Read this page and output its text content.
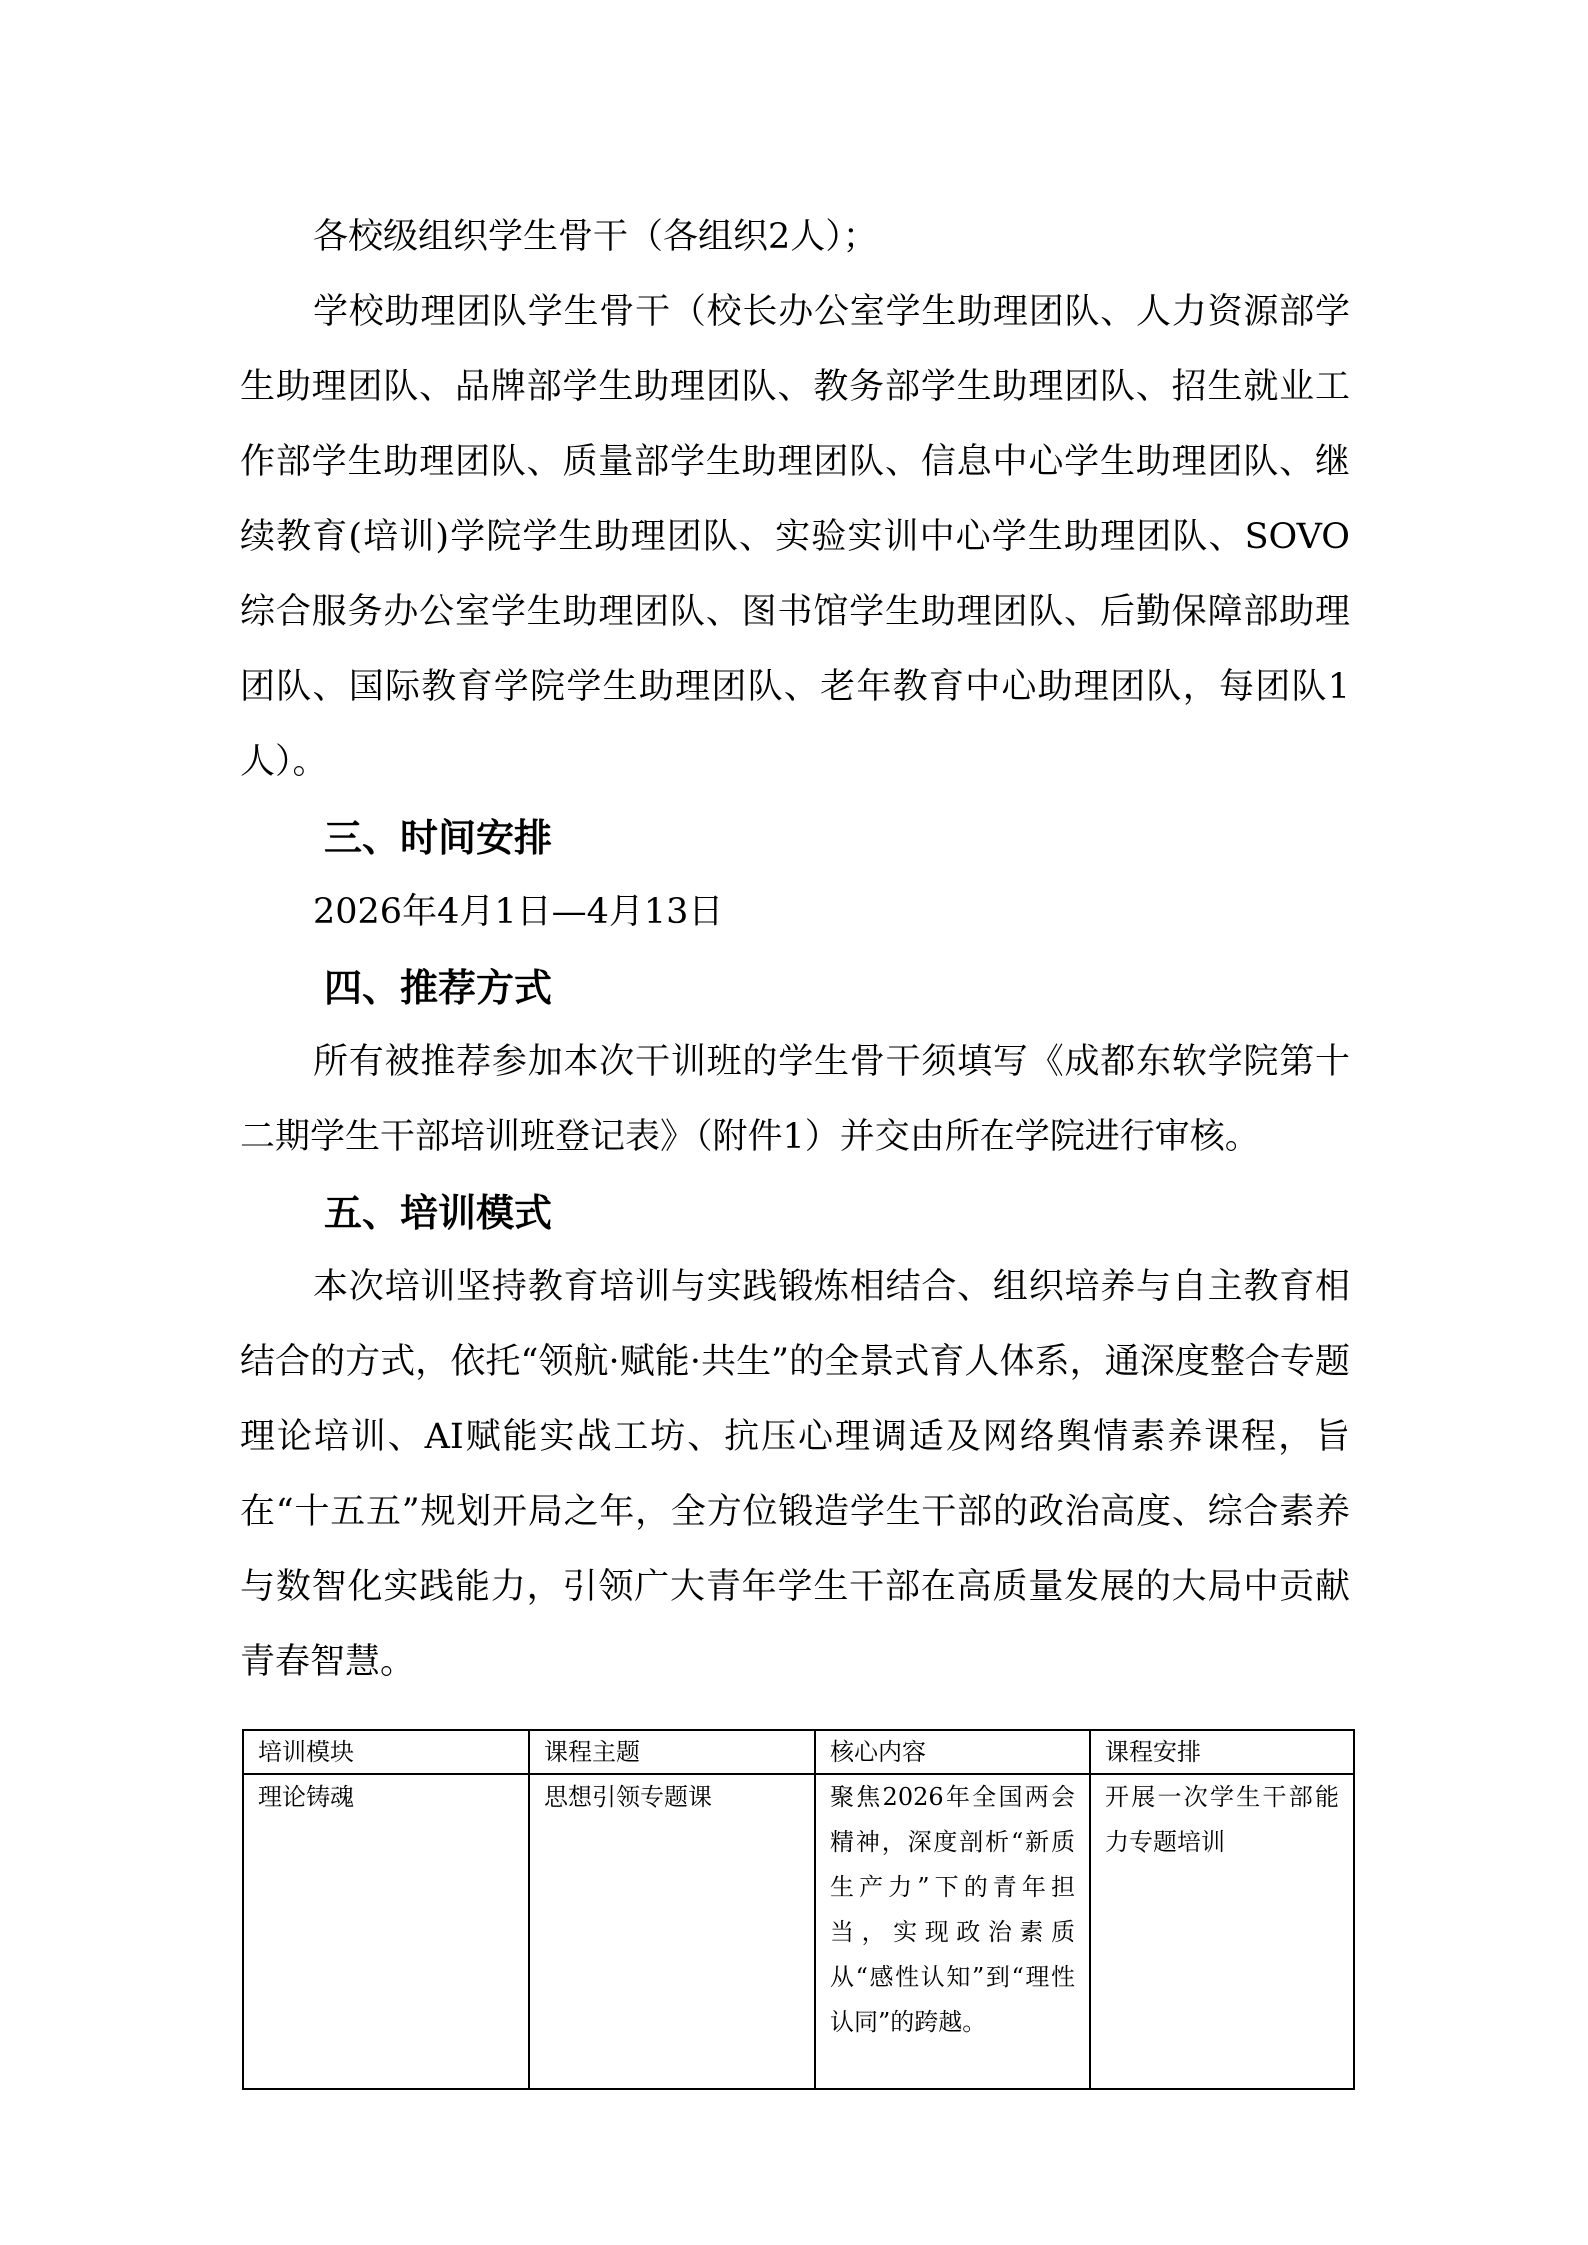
各校级组织学生骨干（各组织2人）；

学校助理团队学生骨干（校长办公室学生助理团队、人力资源部学生助理团队、品牌部学生助理团队、教务部学生助理团队、招生就业工作部学生助理团队、质量部学生助理团队、信息中心学生助理团队、继续教育(培训)学院学生助理团队、实验实训中心学生助理团队、SOVO综合服务办公室学生助理团队、图书馆学生助理团队、后勤保障部助理团队、国际教育学院学生助理团队、老年教育中心助理团队，每团队1人）。

三、时间安排

2026年4月1日—4月13日

四、推荐方式

所有被推荐参加本次干训班的学生骨干须填写《成都东软学院第十二期学生干部培训班登记表》（附件1）并交由所在学院进行审核。

五、培训模式

本次培训坚持教育培训与实践锻炼相结合、组织培养与自主教育相结合的方式，依托“领航·赋能·共生”的全景式育人体系，通深度整合专题理论培训、AI赋能实战工坊、抗压心理调适及网络舆情素养课程，旨在“十五五”规划开局之年，全方位锻造学生干部的政治高度、综合素养与数智化实践能力，引领广大青年学生干部在高质量发展的大局中贡献青春智慧。

培训模块	课程主题	核心内容	课程安排

理论铸魂	思想引领专题课	聚焦2026年全国两会精神，深度剖析“新质生产力”下的青年担当，实现政治素质从“感性认知”到“理性认同”的跨越。	开展一次学生干部能力专题培训
